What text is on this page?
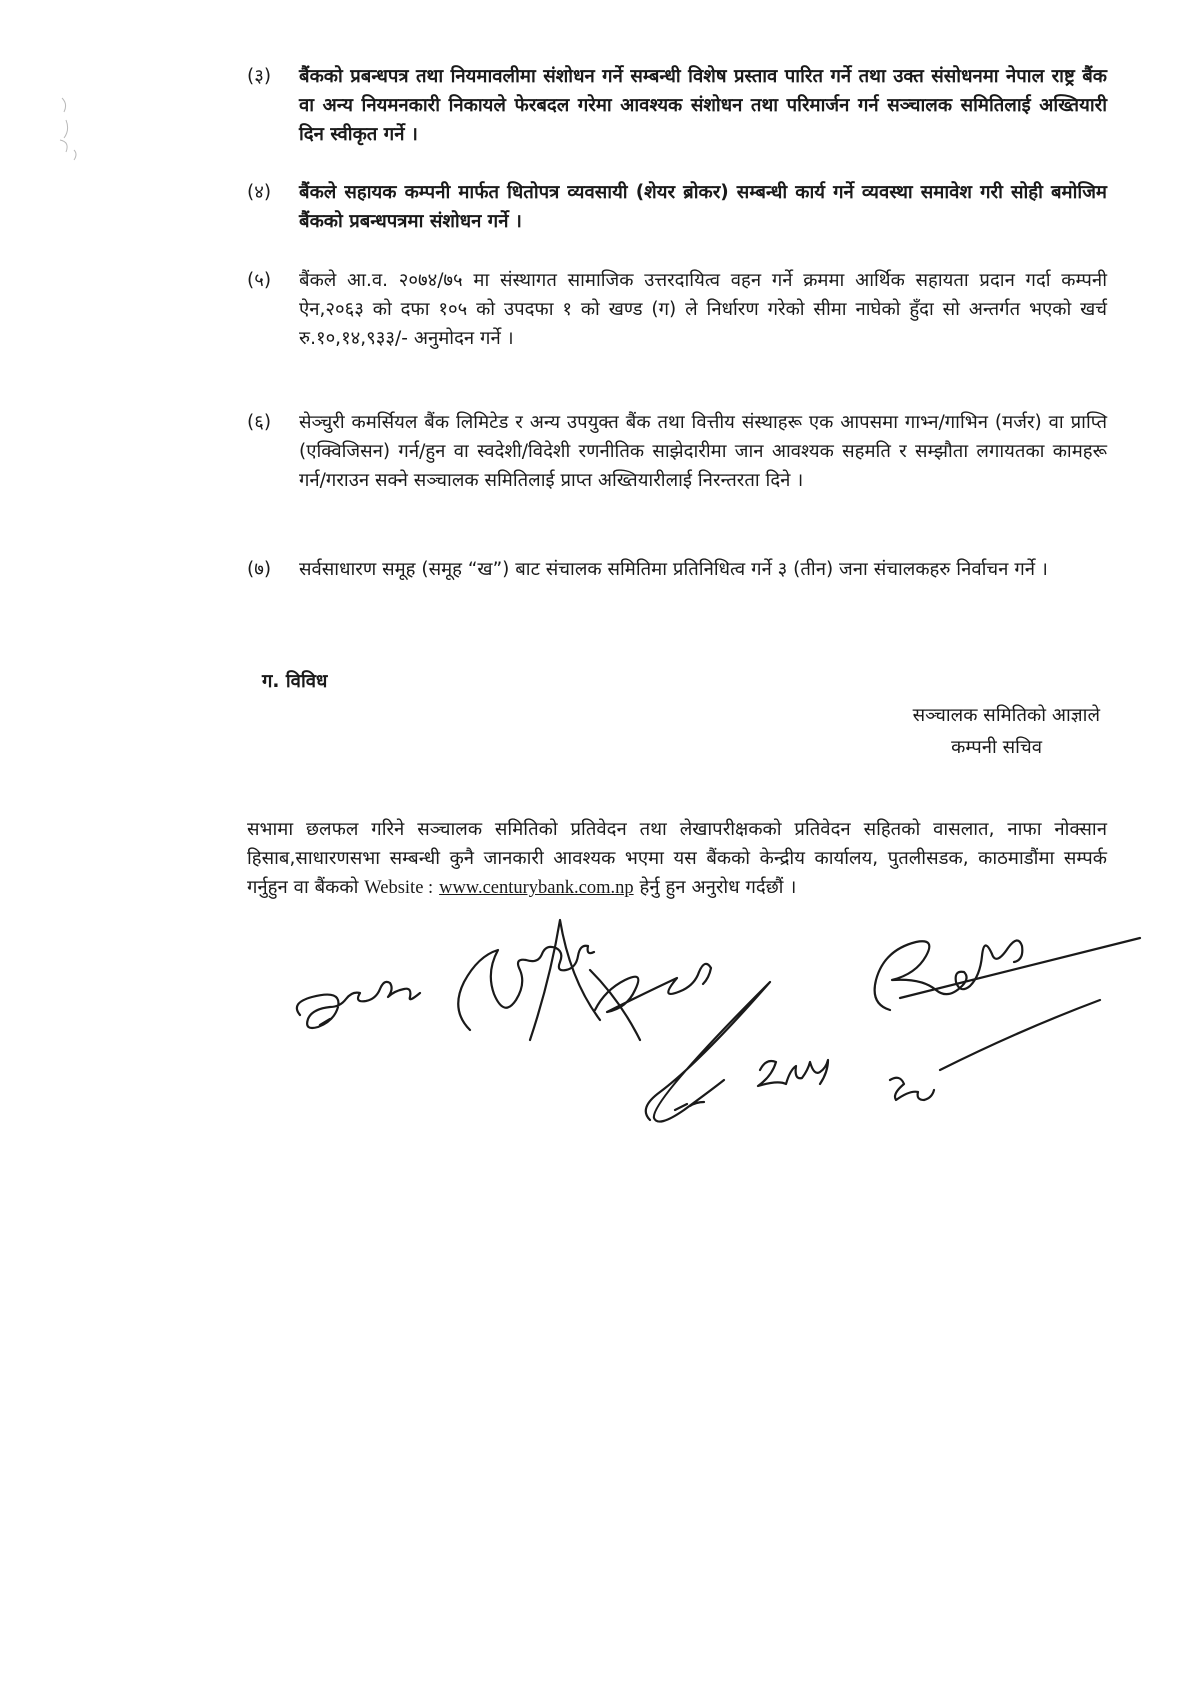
(३)	बैंकको प्रबन्धपत्र तथा नियमावलीमा संशोधन गर्ने सम्बन्धी विशेष प्रस्ताव पारित गर्ने तथा उक्त संसोधनमा नेपाल राष्ट्र बैंक वा अन्य नियमनकारी निकायले फेरबदल गरेमा आवश्यक संशोधन तथा परिमार्जन गर्न सञ्चालक समितिलाई अख्तियारी दिन स्वीकृत गर्ने ।
(४)	बैंकले सहायक कम्पनी मार्फत धितोपत्र व्यवसायी (शेयर ब्रोकर) सम्बन्धी कार्य गर्ने व्यवस्था समावेश गरी सोही बमोजिम बैंकको प्रबन्धपत्रमा संशोधन गर्ने ।
(५)	बैंकले आ.व. २०७४/७५ मा संस्थागत सामाजिक उत्तरदायित्व वहन गर्ने क्रममा आर्थिक सहायता प्रदान गर्दा कम्पनी ऐन,२०६३ को दफा १०५ को उपदफा १ को खण्ड (ग) ले निर्धारण गरेको सीमा नाघेको हुँदा सो अन्तर्गत भएको खर्च रु.१०,१४,९३३/- अनुमोदन गर्ने ।
(६)	सेञ्चुरी कमर्सियल बैंक लिमिटेड र अन्य उपयुक्त बैंक तथा वित्तीय संस्थाहरू एक आपसमा गाभ्न/गाभिन (मर्जर) वा प्राप्ति (एक्विजिसन) गर्न/हुन वा स्वदेशी/विदेशी रणनीतिक साझेदारीमा जान आवश्यक सहमति र सम्झौता लगायतका कामहरू गर्न/गराउन सक्ने सञ्चालक समितिलाई प्राप्त अख्तियारीलाई निरन्तरता दिने ।
(७)	सर्वसाधारण समूह (समूह “ख”) बाट संचालक समितिमा प्रतिनिधित्व गर्ने ३ (तीन) जना संचालकहरु निर्वाचन गर्ने ।
ग. विविध
सञ्चालक समितिको आज्ञाले
कम्पनी सचिव
सभामा छलफल गरिने सञ्चालक समितिको प्रतिवेदन तथा लेखापरीक्षकको प्रतिवेदन सहितको वासलात, नाफा नोक्सान हिसाब,साधारणसभा सम्बन्धी कुनै जानकारी आवश्यक भएमा यस बैंकको केन्द्रीय कार्यालय, पुतलीसडक, काठमाडौंमा सम्पर्क गर्नुहुन वा बैंकको Website : www.centurybank.com.np हेर्नु हुन अनुरोध गर्दछौं ।
